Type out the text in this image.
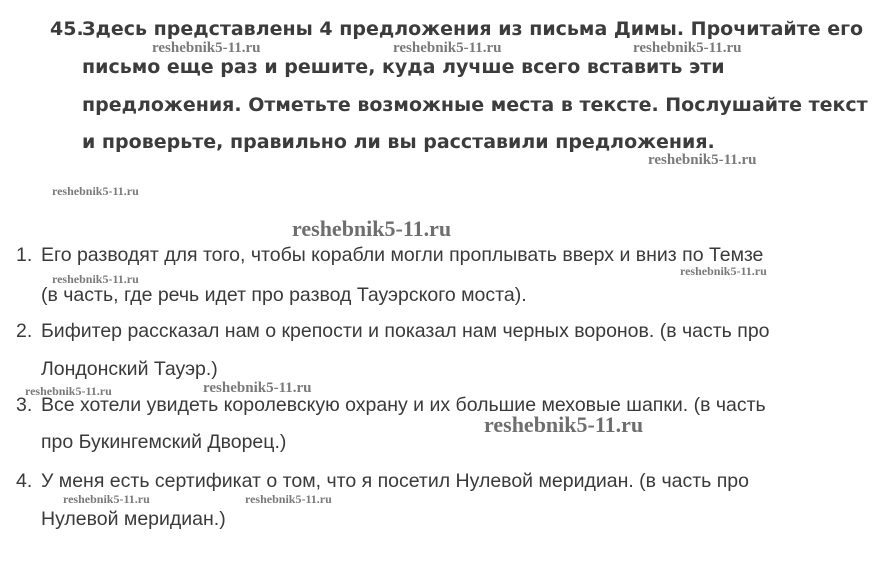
45.
Здесь представлены 4 предложения из письма Димы. Прочитайте его
письмо еще раз и решите, куда лучше всего вставить эти
предложения. Отметьте возможные места в тексте. Послушайте текст
и проверьте, правильно ли вы расставили предложения.
1. Его разводят для того, чтобы корабли могли проплывать вверх и вниз по Темзе
(в часть, где речь идет про развод Тауэрского моста).
2. Бифитер рассказал нам о крепости и показал нам черных воронов. (в часть про
Лондонский Тауэр.)
3. Все хотели увидеть королевскую охрану и их большие меховые шапки. (в часть
про Букингемский Дворец.)
4. У меня есть сертификат о том, что я посетил Нулевой меридиан. (в часть про
Нулевой меридиан.)
reshebnik5-11.ru	reshebnik5-11.ru	reshebnik5-11.ru
reshebnik5-11.ru
reshebnik5-11.ru
reshebnik5-11.ru
reshebnik5-11.ru
reshebnik5-11.ru
reshebnik5-11.ru	reshebnik5-11.ru
reshebnik5-11.ru
reshebnik5-11.ru	reshebnik5-11.ru
